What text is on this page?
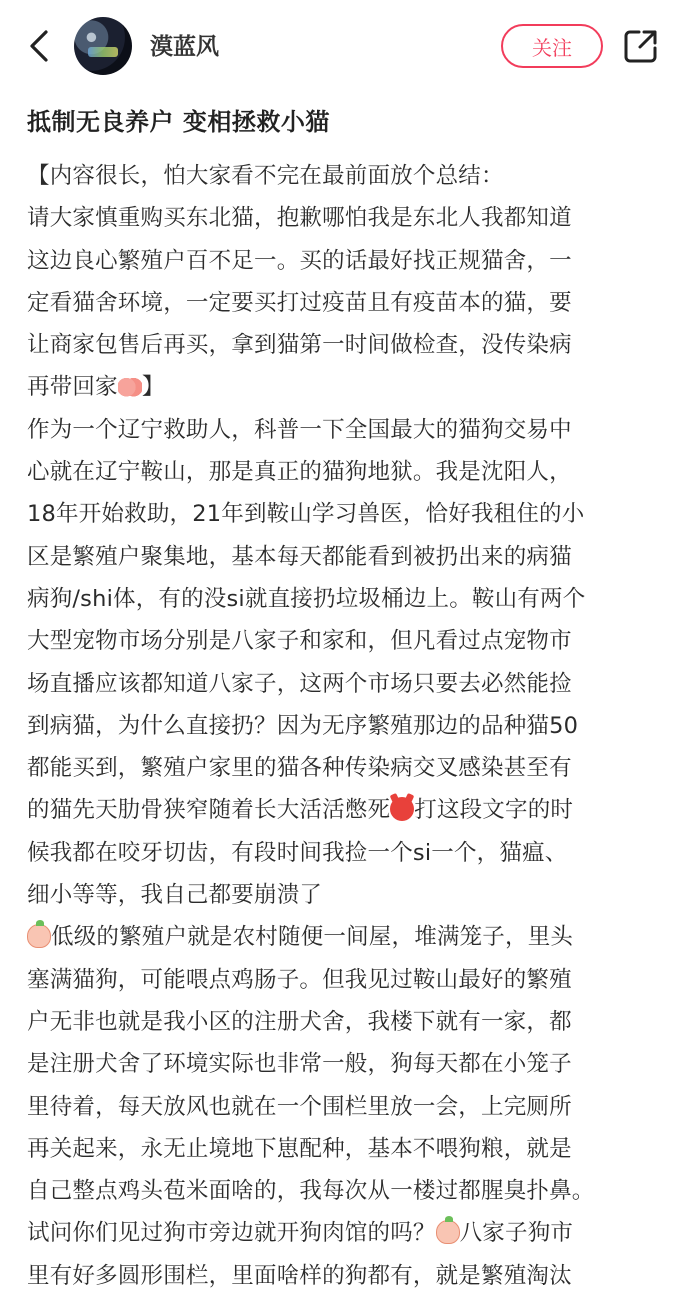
漠蓝风	关注
抵制无良养户 变相拯救小猫
【内容很长，怕大家看不完在最前面放个总结：
请大家慎重购买东北猫，抱歉哪怕我是东北人我都知道
这边良心繁殖户百不足一。买的话最好找正规猫舍，一
定看猫舍环境，一定要买打过疫苗且有疫苗本的猫，要
让商家包售后再买，拿到猫第一时间做检查，没传染病
再带回家 】
作为一个辽宁救助人，科普一下全国最大的猫狗交易中
心就在辽宁鞍山，那是真正的猫狗地狱。我是沈阳人，
18年开始救助，21年到鞍山学习兽医，恰好我租住的小
区是繁殖户聚集地，基本每天都能看到被扔出来的病猫
病狗/shi体，有的没si就直接扔垃圾桶边上。鞍山有两个
大型宠物市场分别是八家子和家和，但凡看过点宠物市
场直播应该都知道八家子，这两个市场只要去必然能捡
到病猫，为什么直接扔？因为无序繁殖那边的品种猫50
都能买到，繁殖户家里的猫各种传染病交叉感染甚至有
的猫先天肋骨狭窄随着长大活活憋死 打这段文字的时
候我都在咬牙切齿，有段时间我捡一个si一个，猫瘟、
细小等等，我自己都要崩溃了
低级的繁殖户就是农村随便一间屋，堆满笼子，里头
塞满猫狗，可能喂点鸡肠子。但我见过鞍山最好的繁殖
户无非也就是我小区的注册犬舍，我楼下就有一家，都
是注册犬舍了环境实际也非常一般，狗每天都在小笼子
里待着，每天放风也就在一个围栏里放一会，上完厕所
再关起来，永无止境地下崽配种，基本不喂狗粮，就是
自己整点鸡头苞米面啥的，我每次从一楼过都腥臭扑鼻。
试问你们见过狗市旁边就开狗肉馆的吗？ 八家子狗市
里有好多圆形围栏，里面啥样的狗都有，就是繁殖淘汰
